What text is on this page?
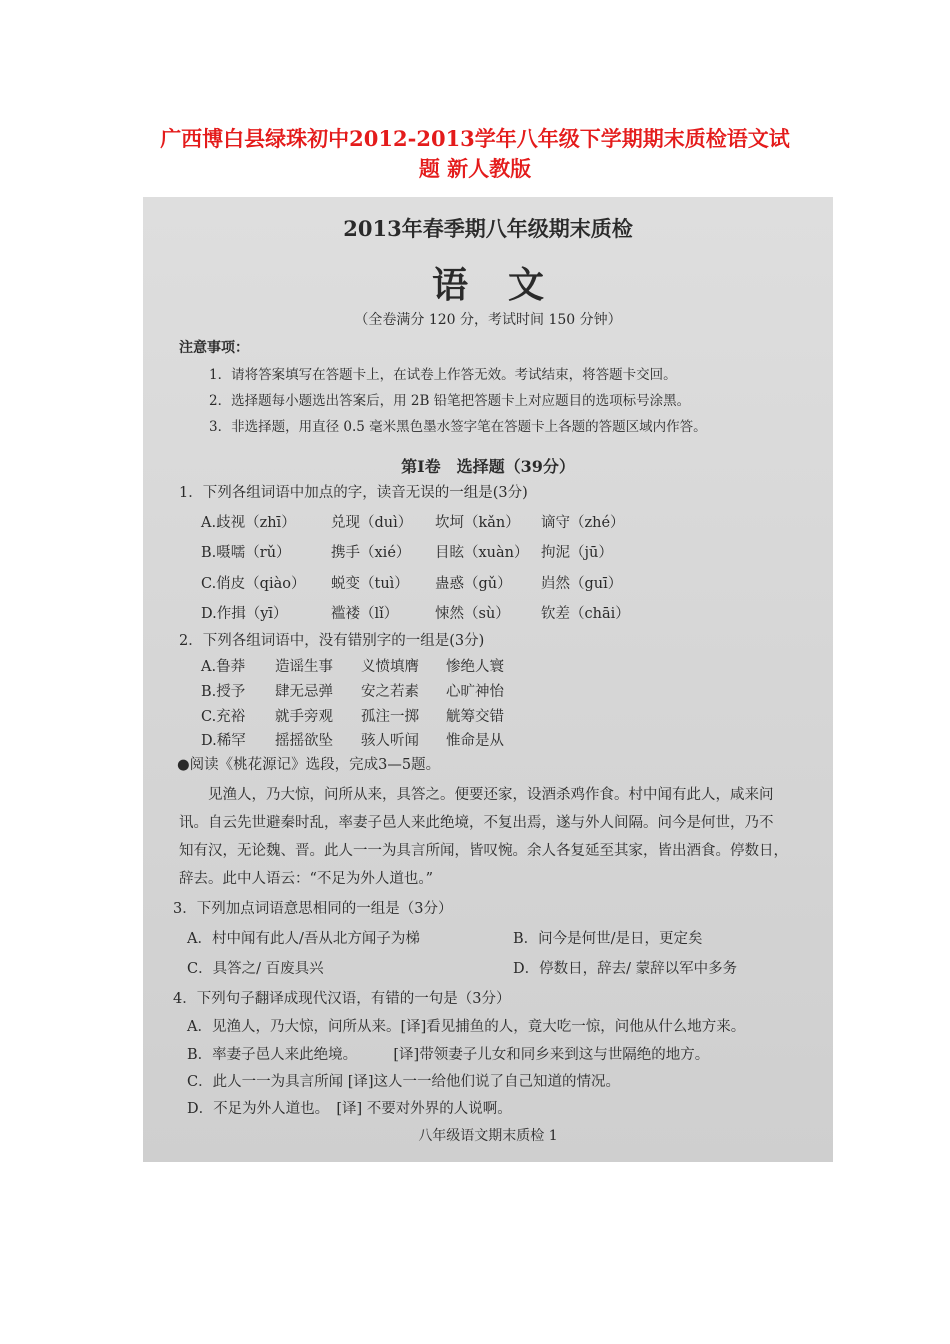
广西博白县绿珠初中2012-2013学年八年级下学期期末质检语文试
题 新人教版
2013年春季期八年级期末质检
语文
（全卷满分 120 分，考试时间 150 分钟）
注意事项：
1．请将答案填写在答题卡上，在试卷上作答无效。考试结束，将答题卡交回。
2．选择题每小题选出答案后，用 2B 铅笔把答题卡上对应题目的选项标号涂黑。
3．非选择题，用直径 0.5 毫米黑色墨水签字笔在答题卡上各题的答题区域内作答。
第Ⅰ卷　选择题（39分）
1．下列各组词语中加点的字，读音无误的一组是(3分)
A.歧视（zhī） 兑现（duì） 坎坷（kǎn） 谪守（zhé）
B.嗫嚅（rǔ）	携手（xié） 目眩（xuàn） 拘泥（jū）
C.俏皮（qiào） 蜕变（tuì） 蛊惑（gǔ） 岿然（guī）
D.作揖（yī）	褴褛（lǐ）	悚然（sù） 钦差（chāi）
2．下列各组词语中，没有错别字的一组是(3分)
A.鲁莽 造谣生事 义愤填膺 惨绝人寰
B.授予 肆无忌弹 安之若素 心旷神怡
C.充裕 就手旁观 孤注一掷 觥筹交错
D.稀罕 摇摇欲坠 骇人听闻 惟命是从
●阅读《桃花源记》选段，完成3—5题。
　　见渔人，乃大惊，问所从来，具答之。便要还家，设酒杀鸡作食。村中闻有此人，咸来问
讯。自云先世避秦时乱，率妻子邑人来此绝境，不复出焉，遂与外人间隔。问今是何世，乃不
知有汉，无论魏、晋。此人一一为具言所闻，皆叹惋。余人各复延至其家，皆出酒食。停数日，
辞去。此中人语云：“不足为外人道也。”
3．下列加点词语意思相同的一组是（3分）
A．村中闻有此人/吾从北方闻子为梯	B．问今是何世/是日，更定矣
C．具答之/ 百废具兴	D．停数日，辞去/ 蒙辞以军中多务
4．下列句子翻译成现代汉语，有错的一句是（3分）
A．见渔人，乃大惊，问所从来。[译]看见捕鱼的人，竟大吃一惊，问他从什么地方来。
B．率妻子邑人来此绝境。　　　[译]带领妻子儿女和同乡来到这与世隔绝的地方。
C．此人一一为具言所闻 [译]这人一一给他们说了自己知道的情况。
D．不足为外人道也。　[译] 不要对外界的人说啊。
八年级语文期末质检 1
